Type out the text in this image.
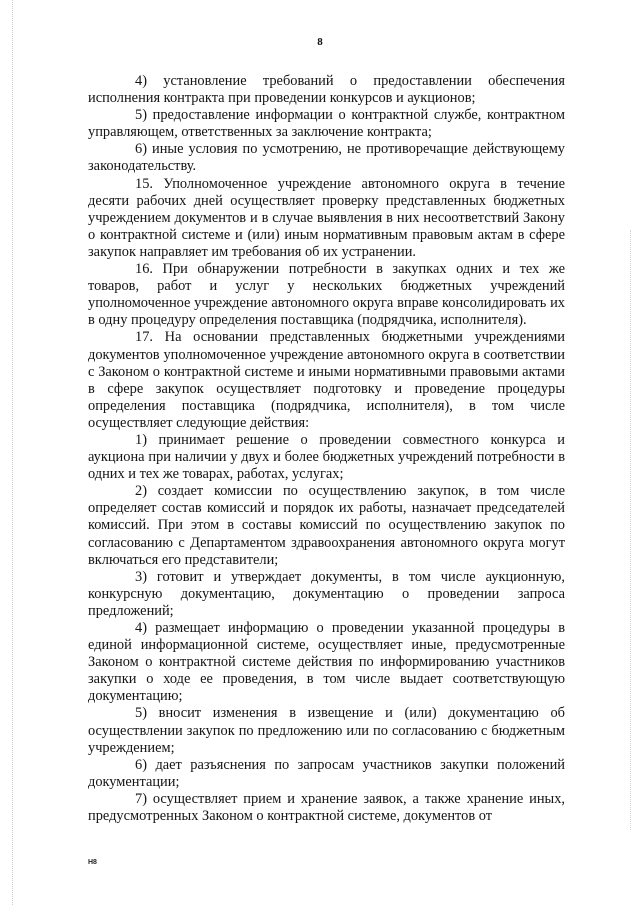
8

4) установление требований о предоставлении обеспечения исполнения контракта при проведении конкурсов и аукционов;

5) предоставление информации о контрактной службе, контрактном управляющем, ответственных за заключение контракта;

6) иные условия по усмотрению, не противоречащие действующему законодательству.

15. Уполномоченное учреждение автономного округа в течение десяти рабочих дней осуществляет проверку представленных бюджетных учреждением документов и в случае выявления в них несоответствий Закону о контрактной системе и (или) иным нормативным правовым актам в сфере закупок направляет им требования об их устранении.

16. При обнаружении потребности в закупках одних и тех же товаров, работ и услуг у нескольких бюджетных учреждений уполномоченное учреждение автономного округа вправе консолидировать их в одну процедуру определения поставщика (подрядчика, исполнителя).

17. На основании представленных бюджетными учреждениями документов уполномоченное учреждение автономного округа в соответствии с Законом о контрактной системе и иными нормативными правовыми актами в сфере закупок осуществляет подготовку и проведение процедуры определения поставщика (подрядчика, исполнителя), в том числе осуществляет следующие действия:

1) принимает решение о проведении совместного конкурса и аукциона при наличии у двух и более бюджетных учреждений потребности в одних и тех же товарах, работах, услугах;

2) создает комиссии по осуществлению закупок, в том числе определяет состав комиссий и порядок их работы, назначает председателей комиссий. При этом в составы комиссий по осуществлению закупок по согласованию с Департаментом здравоохранения автономного округа могут включаться его представители;

3) готовит и утверждает документы, в том числе аукционную, конкурсную документацию, документацию о проведении запроса предложений;

4) размещает информацию о проведении указанной процедуры в единой информационной системе, осуществляет иные, предусмотренные Законом о контрактной системе действия по информированию участников закупки о ходе ее проведения, в том числе выдает соответствующую документацию;

5) вносит изменения в извещение и (или) документацию об осуществлении закупок по предложению или по согласованию с бюджетным учреждением;

6) дает разъяснения по запросам участников закупки положений документации;

7) осуществляет прием и хранение заявок, а также хранение иных, предусмотренных Законом о контрактной системе, документов от

H8
